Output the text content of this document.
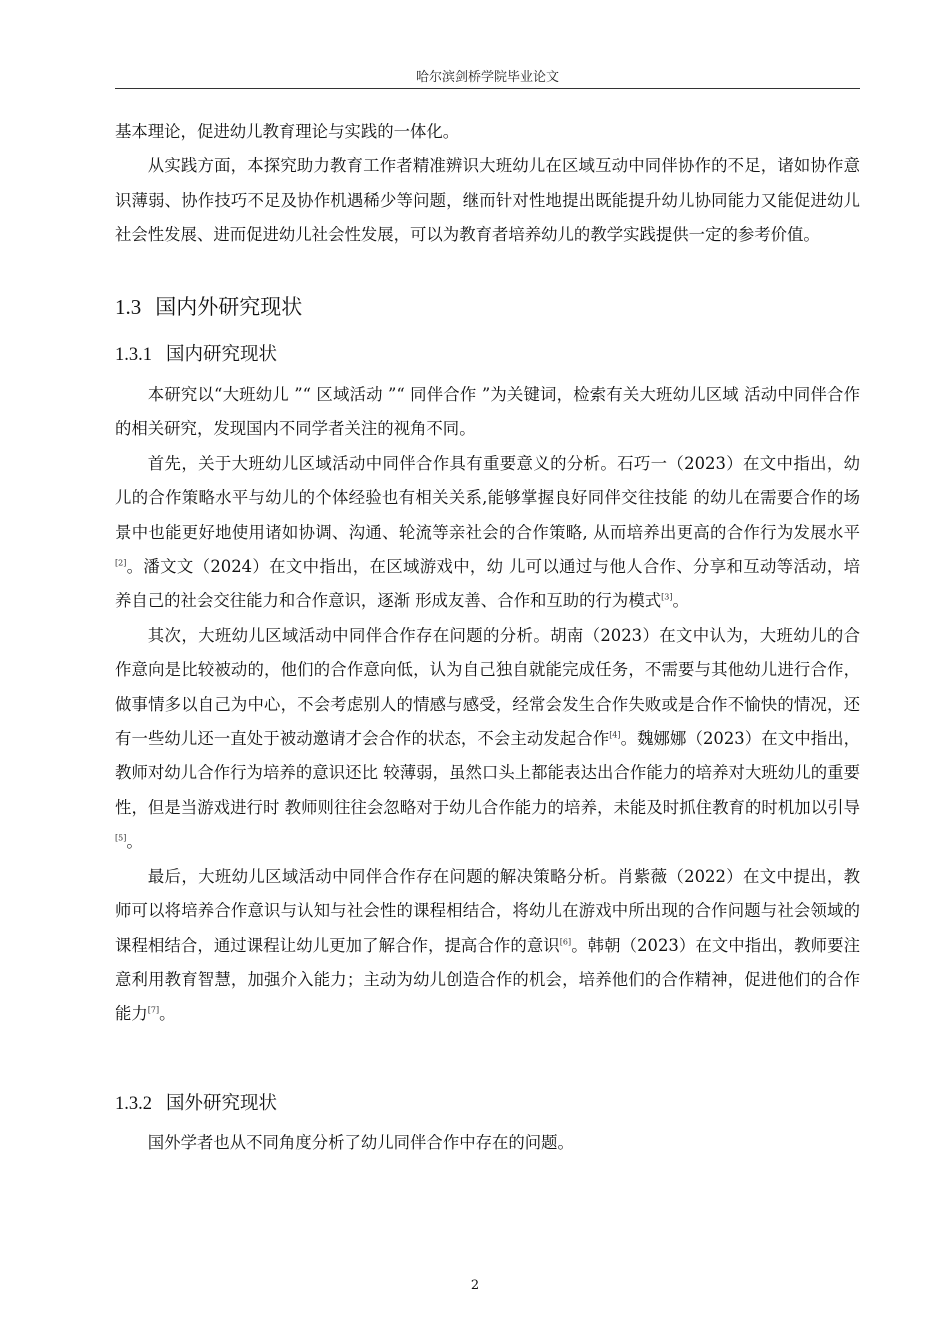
哈尔滨剑桥学院毕业论文

基本理论，促进幼儿教育理论与实践的一体化。

从实践方面，本探究助力教育工作者精准辨识大班幼儿在区域互动中同伴协作的不足，诸如协作意识薄弱、协作技巧不足及协作机遇稀少等问题，继而针对性地提出既能提升幼儿协同能力又能促进幼儿社会性发展、进而促进幼儿社会性发展，可以为教育者培养幼儿的教学实践提供一定的参考价值。

1.3 国内外研究现状
1.3.1 国内研究现状

本研究以“大班幼儿 ”“ 区域活动 ”“ 同伴合作 ”为关键词，检索有关大班幼儿区域 活动中同伴合作的相关研究，发现国内不同学者关注的视角不同。

首先，关于大班幼儿区域活动中同伴合作具有重要意义的分析。石巧一（2023）在文中指出，幼儿的合作策略水平与幼儿的个体经验也有相关关系,能够掌握良好同伴交往技能 的幼儿在需要合作的场景中也能更好地使用诸如协调、沟通、轮流等亲社会的合作策略, 从而培养出更高的合作行为发展水平[2]。潘文文（2024）在文中指出，在区域游戏中，幼 儿可以通过与他人合作、分享和互动等活动，培养自己的社会交往能力和合作意识，逐渐 形成友善、合作和互助的行为模式[3]。

其次，大班幼儿区域活动中同伴合作存在问题的分析。胡南（2023）在文中认为，大班幼儿的合作意向是比较被动的，他们的合作意向低，认为自己独自就能完成任务，不需要与其他幼儿进行合作，做事情多以自己为中心，不会考虑别人的情感与感受，经常会发生合作失败或是合作不愉快的情况，还有一些幼儿还一直处于被动邀请才会合作的状态，不会主动发起合作[4]。魏娜娜（2023）在文中指出，教师对幼儿合作行为培养的意识还比 较薄弱，虽然口头上都能表达出合作能力的培养对大班幼儿的重要性，但是当游戏进行时 教师则往往会忽略对于幼儿合作能力的培养，未能及时抓住教育的时机加以引导[5]。

最后，大班幼儿区域活动中同伴合作存在问题的解决策略分析。肖紫薇（2022）在文中提出，教师可以将培养合作意识与认知与社会性的课程相结合，将幼儿在游戏中所出现的合作问题与社会领域的课程相结合，通过课程让幼儿更加了解合作，提高合作的意识[6]。韩朝（2023）在文中指出，教师要注意利用教育智慧，加强介入能力；主动为幼儿创造合作的机会，培养他们的合作精神，促进他们的合作能力[7]。

1.3.2 国外研究现状

国外学者也从不同角度分析了幼儿同伴合作中存在的问题。

2
